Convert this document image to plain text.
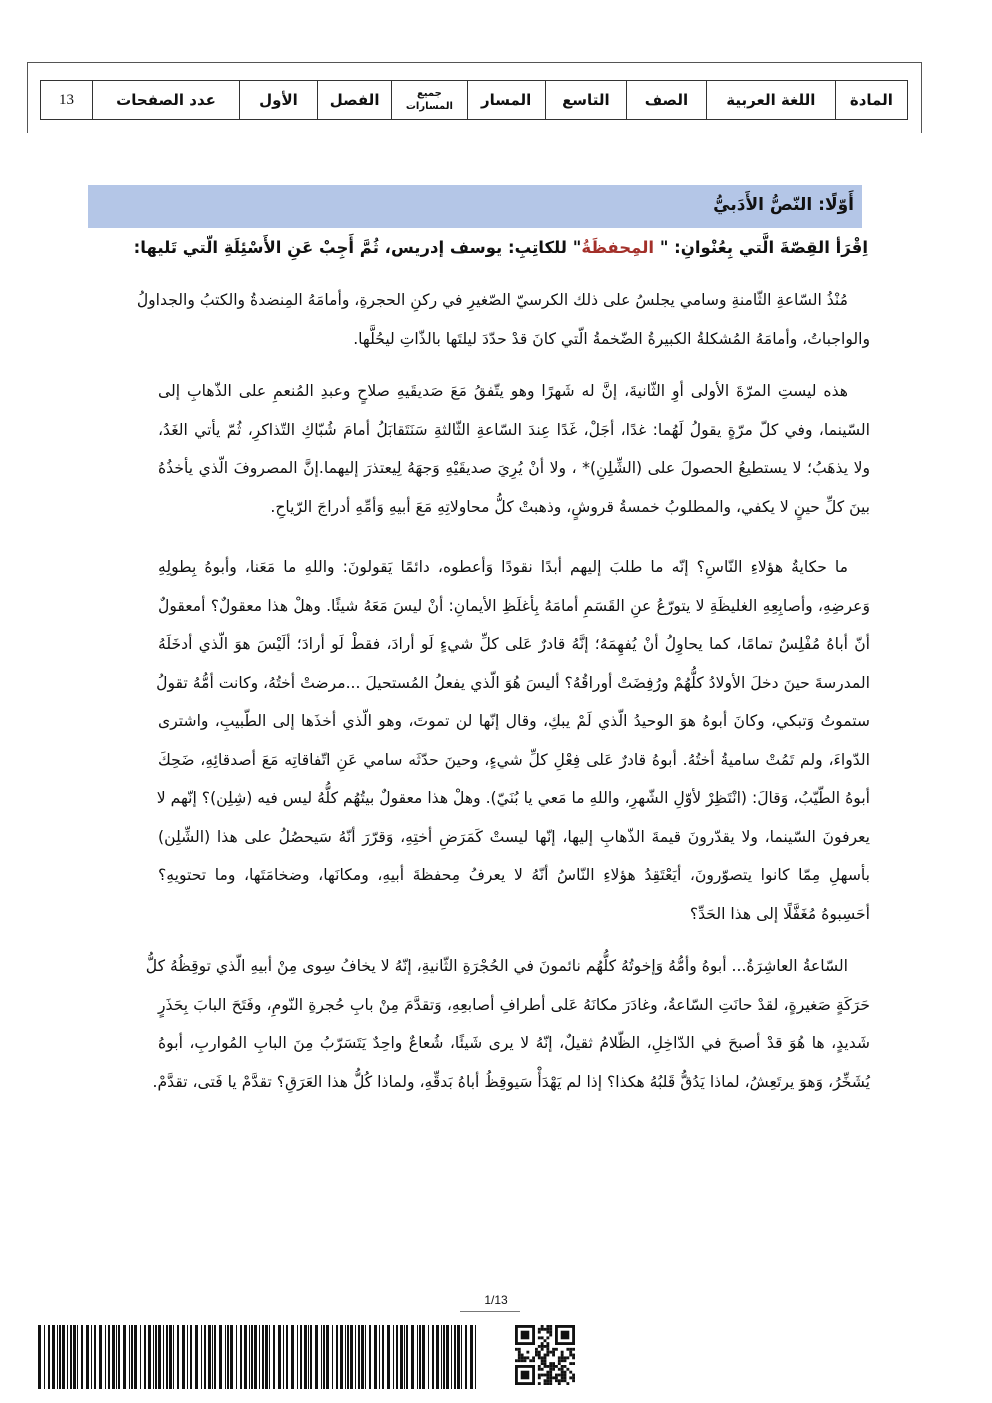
المادة	اللغة العربية	الصف	التاسع	المسار	جميع المسارات	الفصل	الأول	عدد الصفحات	13
أَوّلًا: النّصُّ الأَدَبيُّ
اِقْرَأ القِصّةَ الَّتي بِعُنْوانِ: " المِحفظَةُ" للكاتِبِ: يوسف إدريس، ثُمَّ أَجِبْ عَنِ الأَسْئِلَةِ الّتي تَليها:
مُنْذُ السّاعةِ الثّامنةِ وسامي يجلسُ على ذلك الكرسيّ الصّغيرِ في ركنِ الحجرةِ، وأمامَهُ المِنضدةُ والكتبُ والجداولُ
والواجباتُ، وأمامَهُ المُشكلةُ الكبيرةُ الضّخمةُ الّتي كانَ قدْ حدّدَ ليلتَها بالذّاتِ ليحُلَّها.
هذه ليستِ المرّةَ الأولى أوِ الثّانيةَ، إنَّ له شَهرًا وهو يتّفقُ مَعَ صَديقَيهِ صلاحٍ وعبدِ المُنعمِ على الذّهابِ إلى
السّينما، وفي كلّ مرّةٍ يقولُ لَهُما: غدًا، أجَلْ، غَدًا عِندَ السّاعةِ الثّالثةِ سَنَتَقابَلُ أمامَ شُبّاكِ التّذاكرِ، ثُمّ يأتي الغَدُ،
ولا يذهَبُ؛ لا يستطيعُ الحصولَ على (الشِّلِنِ)* ، ولا أنْ يُرِيَ صديقَيْهِ وَجهَهُ لِيعتذرَ إليهما.إنَّ المصروفَ الّذي يأخذُهُ
بينَ كلِّ حينٍ لا يكفي، والمطلوبُ خمسةُ قروشٍ، وذهبتْ كلُّ محاولاتِهِ مَعَ أبيهِ وَأمِّهِ أدراجَ الرّياحِ.
ما حكايةُ هؤلاءِ النّاسِ؟ إنّه ما طلبَ إليهم أبدًا نقودًا وَأعطوه، دائمًا يَقولونَ: واللهِ ما مَعَنا، وأبوهُ بِطولِهِ
وَعرضِهِ، وأصابِعِهِ الغليظَةِ لا يتورّعُ عنِ القَسَمِ أمامَهُ بِأغلَظِ الأيمانِ: أنْ ليسَ مَعَهُ شيئًا. وهلْ هذا معقولٌ؟ أمعقولٌ
أنّ أباهُ مُفْلِسٌ تمامًا، كما يحاوِلُ أنْ يُفهِمَهُ؛ إنَّهُ قادرٌ عَلى كلِّ شيءٍ لَو أرادَ، فقطْ لَو أرادَ؛ ألَيْسَ هوَ الّذي أدخَلَهُ
المدرسةَ حينَ دخلَ الأولادُ كلُّهُمْ ورُفِضَتْ أوراقُهُ؟ أليسَ هُوَ الّذي يفعلُ المُستحيلَ ...مرضتْ أختُهُ، وكانت أمُّهُ تقولُ
ستموتُ وَتبكي، وكانَ أبوهُ هوَ الوحيدُ الّذي لَمْ يبكِ، وقال إنّها لن تموتَ، وهو الّذي أخذَها إلى الطّبيبِ، واشترى
الدّواءَ، ولم تَمُتْ ساميةُ أختُهُ. أبوهُ قادرٌ عَلى فِعْلِ كلِّ شيءٍ، وحينَ حدّثَه سامي عَنِ اتّفاقاتِه مَعَ أصدقائِهِ، ضَحِكَ
أبوهُ الطّيّبُ، وَقالَ: (انْتَظِرْ لأوّلِ الشّهرِ، واللهِ ما مَعي يا بُنَيّ). وهلْ هذا معقولٌ بيتُهُم كلُّهُ ليس فيه (شِلِن)؟ إنّهم لا
يعرفونَ السّينما، ولا يقدّرونَ قيمةَ الذّهابِ إليها، إنّها ليستْ كَمَرَضِ أختِهِ، وَقرّرَ أنّهُ سَيحصُلُ على هذا (الشِّلِن)
بأسهلِ مِمّا كانوا يتصوّرونَ، أيَعْتَقِدُ هؤلاءِ النّاسُ أنّهُ لا يعرفُ مِحفظةَ أبيهِ، ومكانَها، وضخامَتَها، وما تحتويهِ؟
أحَسِبوهُ مُغَفَّلًا إلى هذا الحَدِّ؟
السّاعةُ العاشِرَةُ... أبوهُ وأمُّهُ وَإخوتُهُ كلُّهُم نائمونَ في الحُجْرَةِ الثّانيةِ، إنّهُ لا يخافُ سِوى مِنْ أبيهِ الّذي توقِظُهُ كلُّ
حَرَكَةٍ صَغيرةٍ، لقدْ حانَتِ السّاعةُ، وغادَرَ مكانَهُ عَلى أطرافِ أصابعِهِ، وَتقدَّمَ مِنْ بابِ حُجرةِ النّومِ، وفَتَحَ البابَ بِحَذَرٍ
شَديدٍ، ها هُوَ قدْ أصبحَ في الدّاخِلِ، الظّلامُ ثقيلٌ، إنّهُ لا يرى شَيئًا، شُعاعٌ واحِدٌ يَتَسَرّبُ مِنَ البابِ المُواربِ، أبوهُ
يُشَخِّرُ، وَهوَ يرتَعِشُ، لماذا يَدُقُّ قَلبُهُ هكذا؟ إذا لم يَهْدَأْ سَيوقِظُ أباهُ بَدقِّهِ، ولماذا كُلُّ هذا العَرَقِ؟ تقدَّمْ يا فَتى، تقدَّمْ.
1/13
